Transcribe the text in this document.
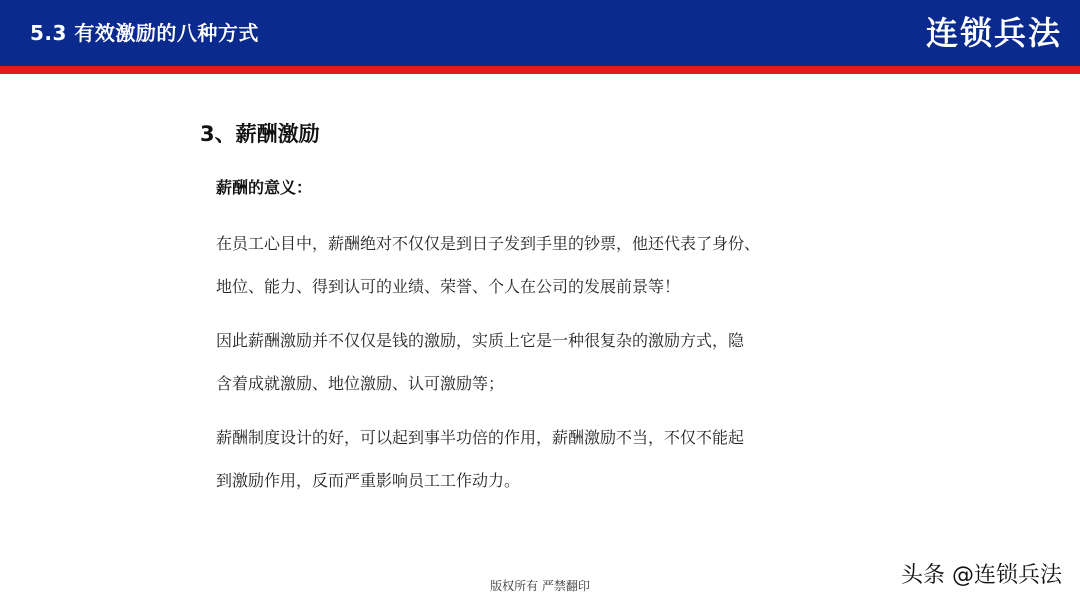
5.3 有效激励的八种方式	连锁兵法
3、薪酬激励
薪酬的意义：
在员工心目中，薪酬绝对不仅仅是到日子发到手里的钞票，他还代表了身份、
地位、能力、得到认可的业绩、荣誉、个人在公司的发展前景等！
因此薪酬激励并不仅仅是钱的激励，实质上它是一种很复杂的激励方式，隐
含着成就激励、地位激励、认可激励等；
薪酬制度设计的好，可以起到事半功倍的作用，薪酬激励不当，不仅不能起
到激励作用，反而严重影响员工工作动力。
版权所有 严禁翻印	头条 @连锁兵法
